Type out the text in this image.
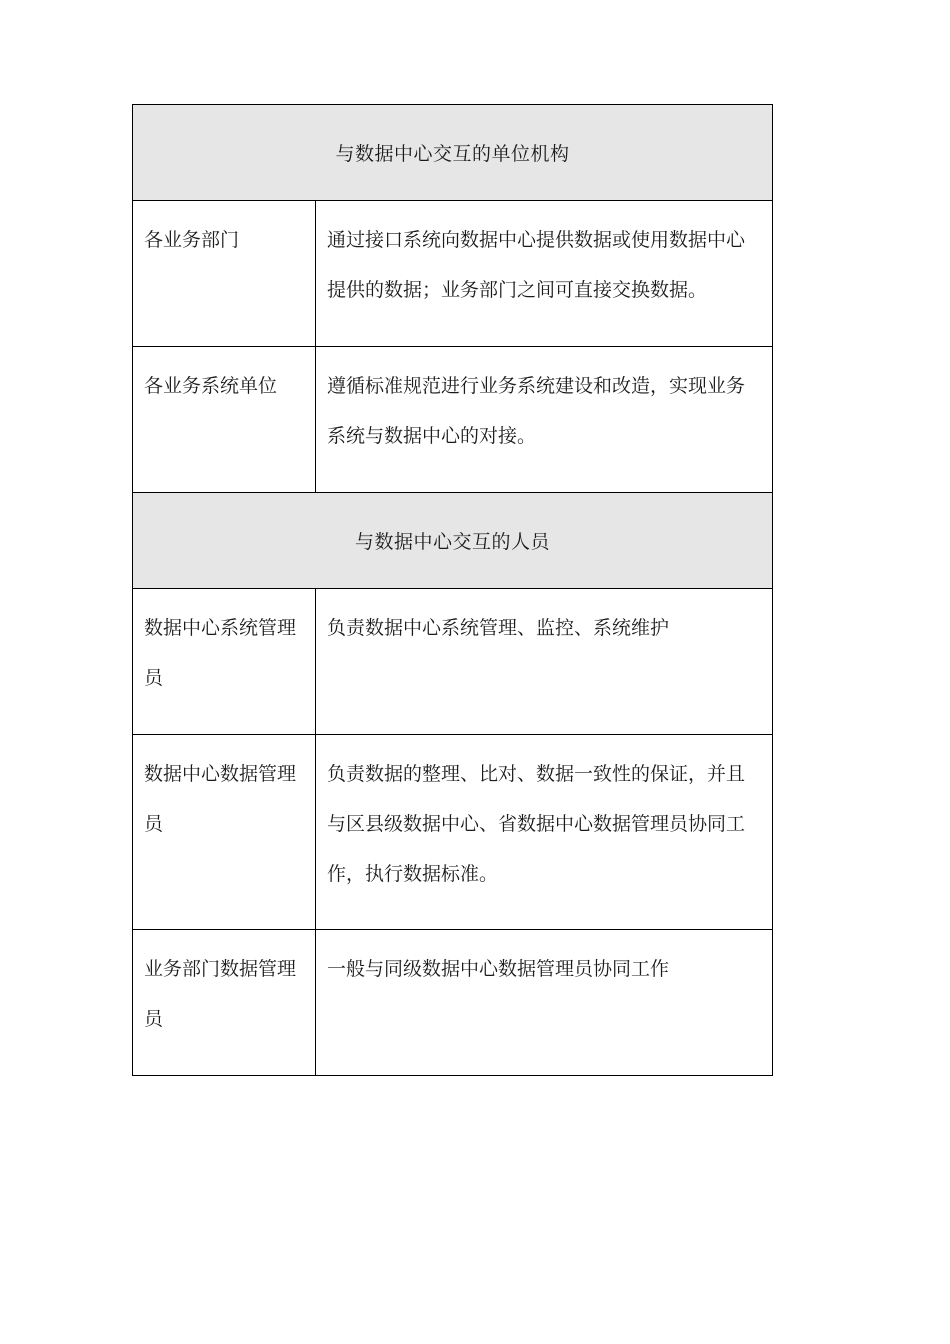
与数据中心交互的单位机构	

各业务部门	通过接口系统向数据中心提供数据或使用数据中心提供的数据；业务部门之间可直接交换数据。

各业务系统单位	遵循标准规范进行业务系统建设和改造，实现业务系统与数据中心的对接。

与数据中心交互的人员	

数据中心系统管理员	负责数据中心系统管理、监控、系统维护

数据中心数据管理员	负责数据的整理、比对、数据一致性的保证，并且与区县级数据中心、省数据中心数据管理员协同工作，执行数据标准。

业务部门数据管理员	一般与同级数据中心数据管理员协同工作
